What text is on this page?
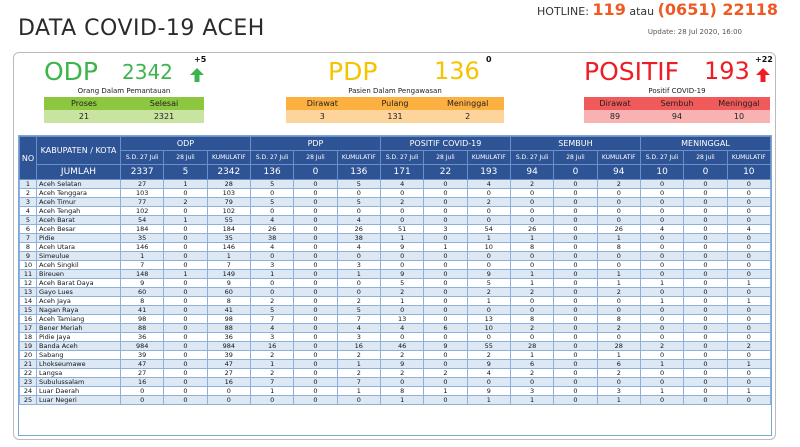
HOTLINE: 119 atau (0651) 22118
Update: 28 Jul 2020, 16:00
DATA COVID-19 ACEH
ODP 2342
+5
Orang Dalam Pemantauan
Proses	Selesai
21	2321
PDP 136 0
Pasien Dalam Pengawasan
Dirawat	Pulang	Meninggal
3	131	2
POSITIF 193 +22
Positif COVID-19
Dirawat	Sembuh	Meninggal
89	94	10
NO	KABUPATEN / KOTA	ODP			PDP			POSITIF COVID-19			SEMBUH			MENINGGAL		
		S.D. 27 Juli	28 Juli	KUMULATIF	S.D. 27 Juli	28 Juli	KUMULATIF	S.D. 27 Juli	28 Juli	KUMULATIF	S.D. 27 Juli	28 Juli	KUMULATIF	S.D. 27 Juli	28 Juli	KUMULATIF
	JUMLAH	2337	5	2342	136	0	136	171	22	193	94	0	94	10	0	10
1	Aceh Selatan	27	1	28	5	0	5	4	0	4	2	0	2	0	0	0
2	Aceh Tenggara	103	0	103	0	0	0	0	0	0	0	0	0	0	0	0
3	Aceh Timur	77	2	79	5	0	5	2	0	2	0	0	0	0	0	0
4	Aceh Tengah	102	0	102	0	0	0	0	0	0	0	0	0	0	0	0
5	Aceh Barat	54	1	55	4	0	4	0	0	0	0	0	0	0	0	0
6	Aceh Besar	184	0	184	26	0	26	51	3	54	26	0	26	4	0	4
7	Pidie	35	0	35	38	0	38	1	0	1	1	0	1	0	0	0
8	Aceh Utara	146	0	146	4	0	4	9	1	10	8	0	8	0	0	0
9	Simeulue	1	0	1	0	0	0	0	0	0	0	0	0	0	0	0
10	Aceh Singkil	7	0	7	3	0	3	0	0	0	0	0	0	0	0	0
11	Bireuen	148	1	149	1	0	1	9	0	9	1	0	1	0	0	0
12	Aceh Barat Daya	9	0	9	0	0	0	5	0	5	1	0	1	1	0	1
13	Gayo Lues	60	0	60	0	0	0	2	0	2	2	0	2	0	0	0
14	Aceh Jaya	8	0	8	2	0	2	1	0	1	0	0	0	1	0	1
15	Nagan Raya	41	0	41	5	0	5	0	0	0	0	0	0	0	0	0
16	Aceh Tamiang	98	0	98	7	0	7	13	0	13	8	0	8	0	0	0
17	Bener Meriah	88	0	88	4	0	4	4	6	10	2	0	2	0	0	0
18	Pidie Jaya	36	0	36	3	0	3	0	0	0	0	0	0	0	0	0
19	Banda Aceh	984	0	984	16	0	16	46	9	55	28	0	28	2	0	2
20	Sabang	39	0	39	2	0	2	2	0	2	1	0	1	0	0	0
21	Lhokseumawe	47	0	47	1	0	1	9	0	9	6	0	6	1	0	1
22	Langsa	27	0	27	2	0	2	2	2	4	2	0	2	0	0	0
23	Subulussalam	16	0	16	7	0	7	0	0	0	0	0	0	0	0	0
24	Luar Daerah	0	0	0	1	0	1	8	1	9	3	0	3	1	0	1
25	Luar Negeri	0	0	0	0	0	0	1	0	1	1	0	1	0	0	0
